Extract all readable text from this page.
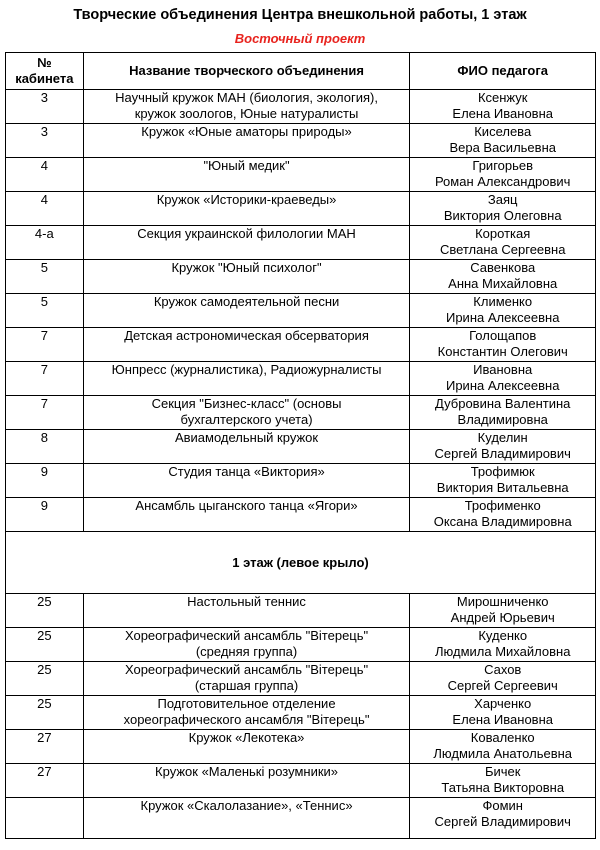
Творческие объединения Центра внешкольной работы, 1 этаж
Восточный проект
№
кабинета	Название творческого объединения	ФИО педагога
3	Научный кружок МАН (биология, экология),
кружок зоологов, Юные натуралисты	Ксенжук
Елена Ивановна
3	Кружок «Юные аматоры природы»	Киселева
Вера Васильевна
4	"Юный медик"	Григорьев
Роман Александрович
4	Кружок «Историки-краеведы»	Заяц
Виктория Олеговна
4-а	Секция украинской филологии МАН	Короткая
Светлана Сергеевна
5	Кружок "Юный психолог"	Савенкова
Анна Михайловна
5	Кружок самодеятельной песни	Клименко
Ирина Алексеевна
7	Детская астрономическая обсерватория	Голощапов
Константин Олегович
7	Юнпресс (журналистика), Радиожурналисты	Ивановна
Ирина Алексеевна
7	Секция "Бизнес-класс" (основы
бухгалтерского учета)	Дубровина Валентина
Владимировна
8	Авиамодельный кружок	Куделин
Сергей Владимирович
9	Студия танца «Виктория»	Трофимюк
Виктория Витальевна
9	Ансамбль цыганского танца «Ягори»	Трофименко
Оксана Владимировна
1 этаж (левое крыло)		
25	Настольный теннис	Мирошниченко
Андрей Юрьевич
25	Хореографический ансамбль "Вітерець"
(средняя группа)	Куденко
Людмила Михайловна
25	Хореографический ансамбль "Вітерець"
(старшая группа)	Сахов
Сергей Сергеевич
25	Подготовительное отделение
хореографического ансамбля "Вітерець"	Харченко
Елена Ивановна
27	Кружок «Лекотека»	Коваленко
Людмила Анатольевна
27	Кружок «Маленькі розумники»	Бичек
Татьяна Викторовна
	Кружок «Скалолазание», «Теннис»	Фомин
Сергей Владимирович
